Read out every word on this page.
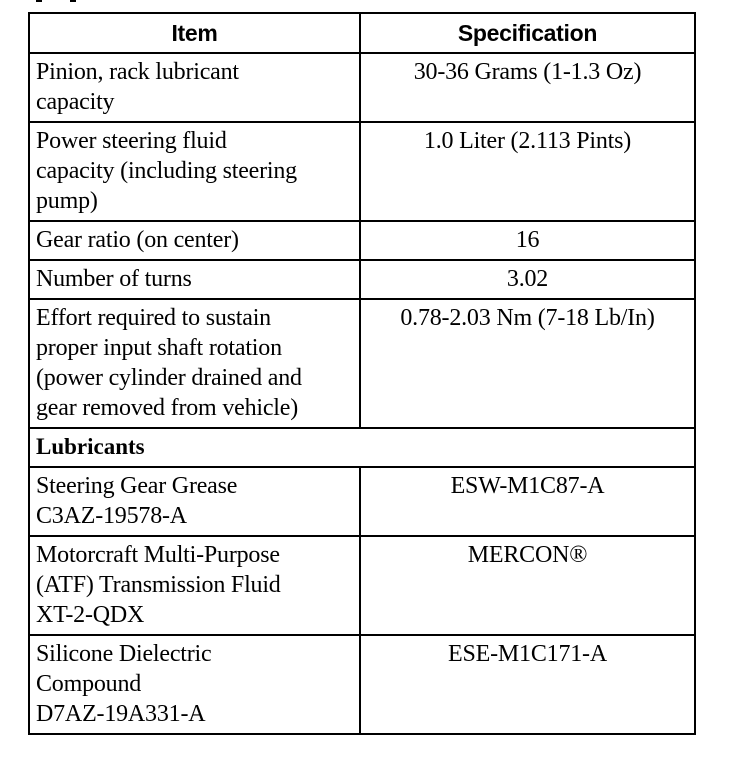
Item	Specification

Pinion, rack lubricant
capacity	30-36 Grams (1-1.3 Oz)

Power steering fluid
capacity (including steering
pump)	1.0 Liter (2.113 Pints)

Gear ratio (on center)	16

Number of turns	3.02

Effort required to sustain
proper input shaft rotation
(power cylinder drained and
gear removed from vehicle)	0.78-2.03 Nm (7-18 Lb/In)
Lubricants	

Steering Gear Grease
C3AZ-19578-A	ESW-M1C87-A

Motorcraft Multi-Purpose
(ATF) Transmission Fluid
XT-2-QDX	MERCON®

Silicone Dielectric
Compound
D7AZ-19A331-A	ESE-M1C171-A
